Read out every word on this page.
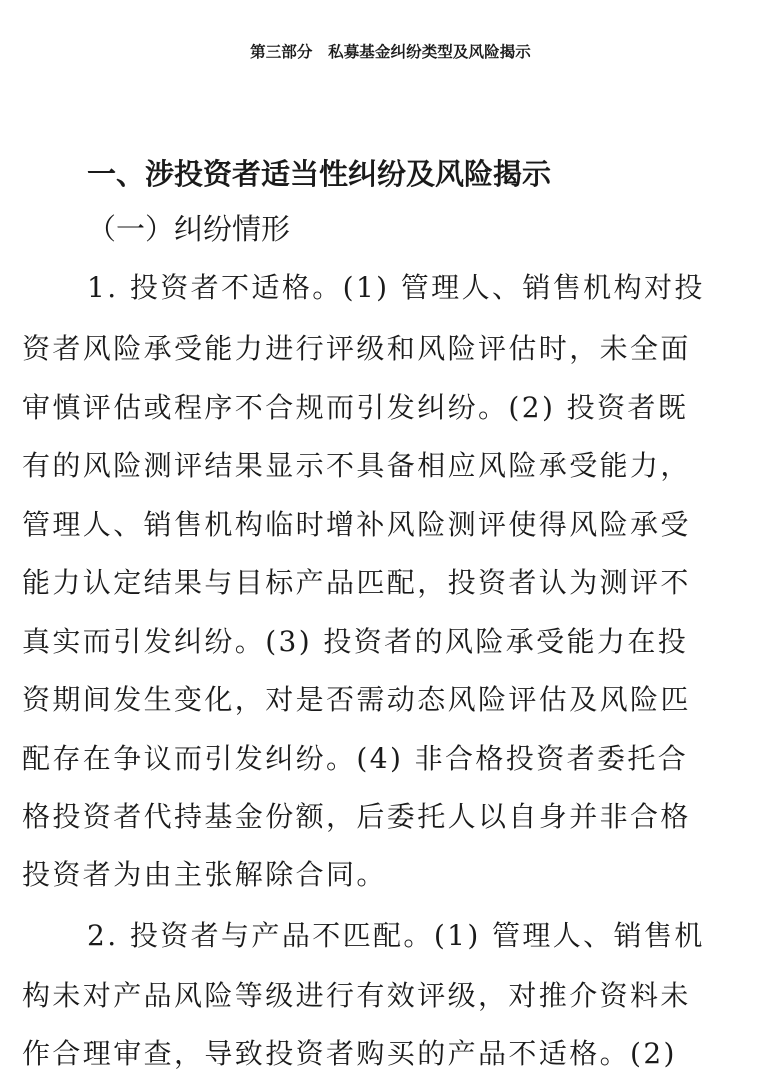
第三部分　私募基金纠纷类型及风险揭示
一、涉投资者适当性纠纷及风险揭示
（一）纠纷情形
1. 投资者不适格。(1) 管理人、销售机构对投
资者风险承受能力进行评级和风险评估时，未全面
审慎评估或程序不合规而引发纠纷。(2) 投资者既
有的风险测评结果显示不具备相应风险承受能力，
管理人、销售机构临时增补风险测评使得风险承受
能力认定结果与目标产品匹配，投资者认为测评不
真实而引发纠纷。(3) 投资者的风险承受能力在投
资期间发生变化，对是否需动态风险评估及风险匹
配存在争议而引发纠纷。(4) 非合格投资者委托合
格投资者代持基金份额，后委托人以自身并非合格
投资者为由主张解除合同。
2. 投资者与产品不匹配。(1) 管理人、销售机
构未对产品风险等级进行有效评级，对推介资料未
作合理审查，导致投资者购买的产品不适格。(2)
